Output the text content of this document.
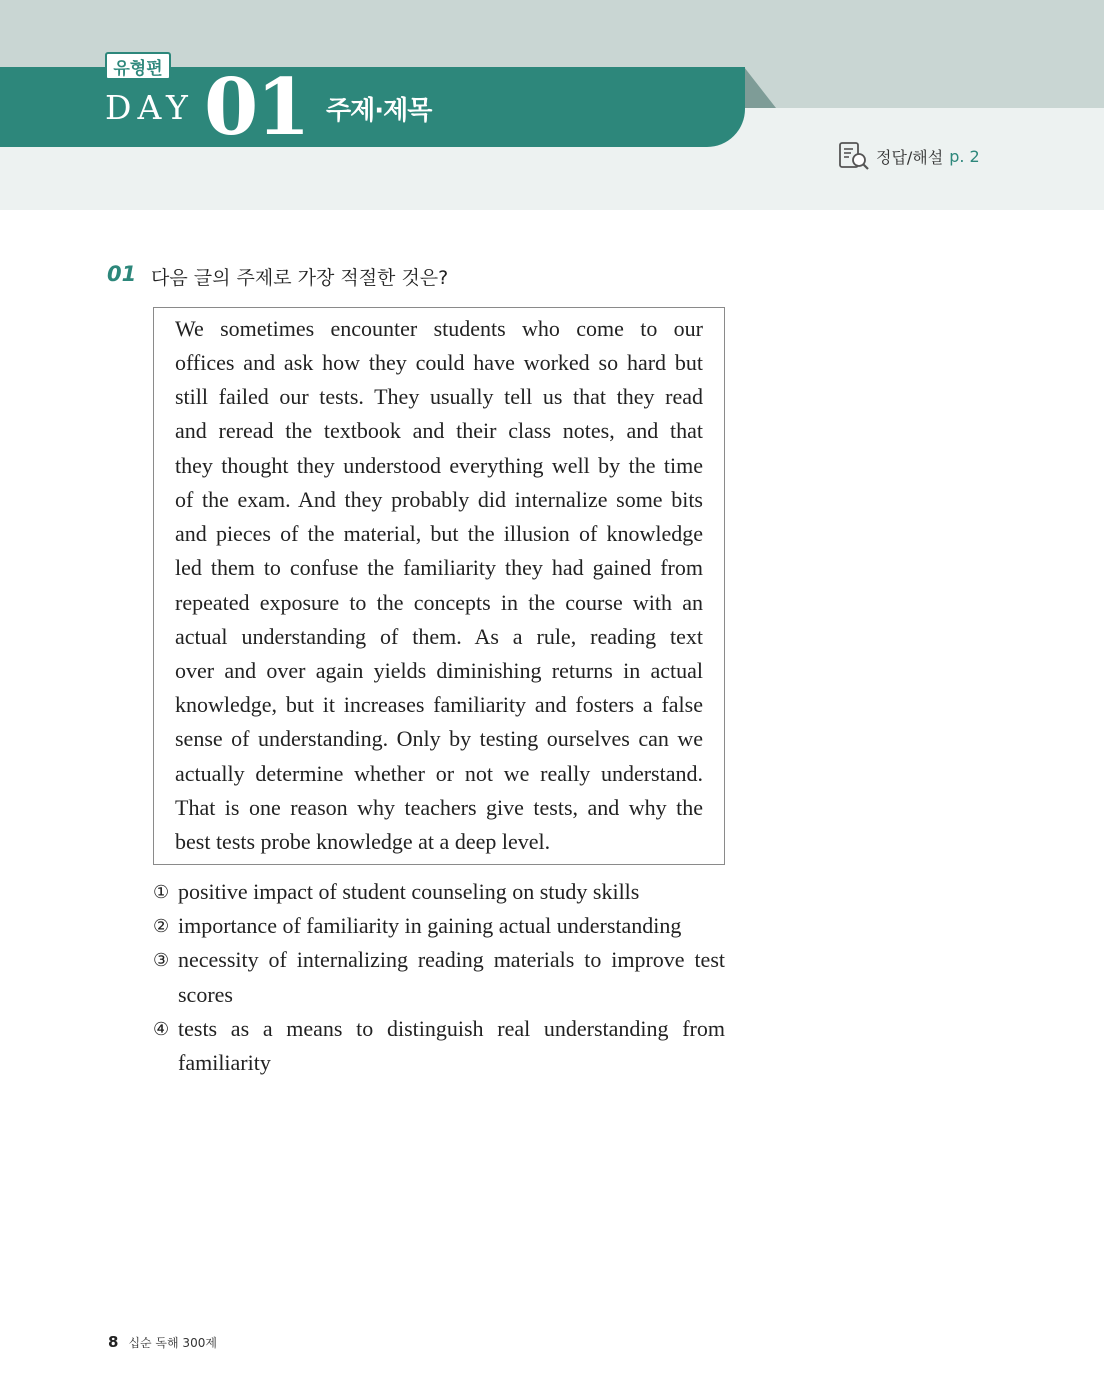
유형편
DAY 01 주제·제목
정답/해설 p. 2
01 다음 글의 주제로 가장 적절한 것은?
We sometimes encounter students who come to our
offices and ask how they could have worked so hard but
still failed our tests. They usually tell us that they read
and reread the textbook and their class notes, and that
they thought they understood everything well by the time
of the exam. And they probably did internalize some bits
and pieces of the material, but the illusion of knowledge
led them to confuse the familiarity they had gained from
repeated exposure to the concepts in the course with an
actual understanding of them. As a rule, reading text
over and over again yields diminishing returns in actual
knowledge, but it increases familiarity and fosters a false
sense of understanding. Only by testing ourselves can we
actually determine whether or not we really understand.
That is one reason why teachers give tests, and why the
best tests probe knowledge at a deep level.
① positive impact of student counseling on study skills
② importance of familiarity in gaining actual understanding
③ necessity of internalizing reading materials to improve test
scores
④ tests as a means to distinguish real understanding from
familiarity
8 십순 독해 300제
